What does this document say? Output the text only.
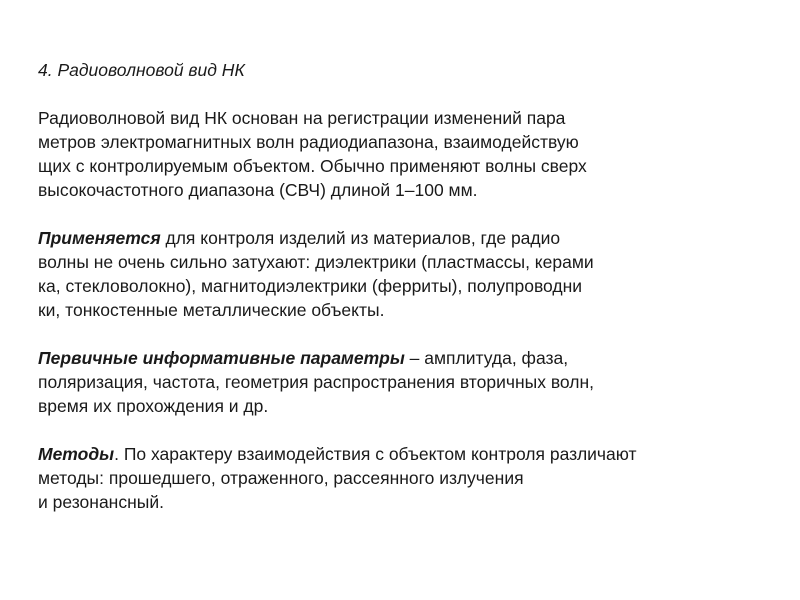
4. Радиоволновой вид НК
Радиоволновой вид НК основан на регистрации изменений пара
метров электромагнитных волн радиодиапазона, взаимодействую
щих с контролируемым объектом. Обычно применяют волны сверх
высокочастотного диапазона (СВЧ) длиной 1–100 мм.
Применяется для контроля изделий из материалов, где радио
волны не очень сильно затухают: диэлектрики (пластмассы, керами
ка, стекловолокно), магнитодиэлектрики (ферриты), полупроводни
ки, тонкостенные металлические объекты.
Первичные информативные параметры – амплитуда, фаза,
поляризация, частота, геометрия распространения вторичных волн,
время их прохождения и др.
Методы. По характеру взаимодействия с объектом контроля различают
методы: прошедшего, отраженного, рассеянного излучения
и резонансный.
